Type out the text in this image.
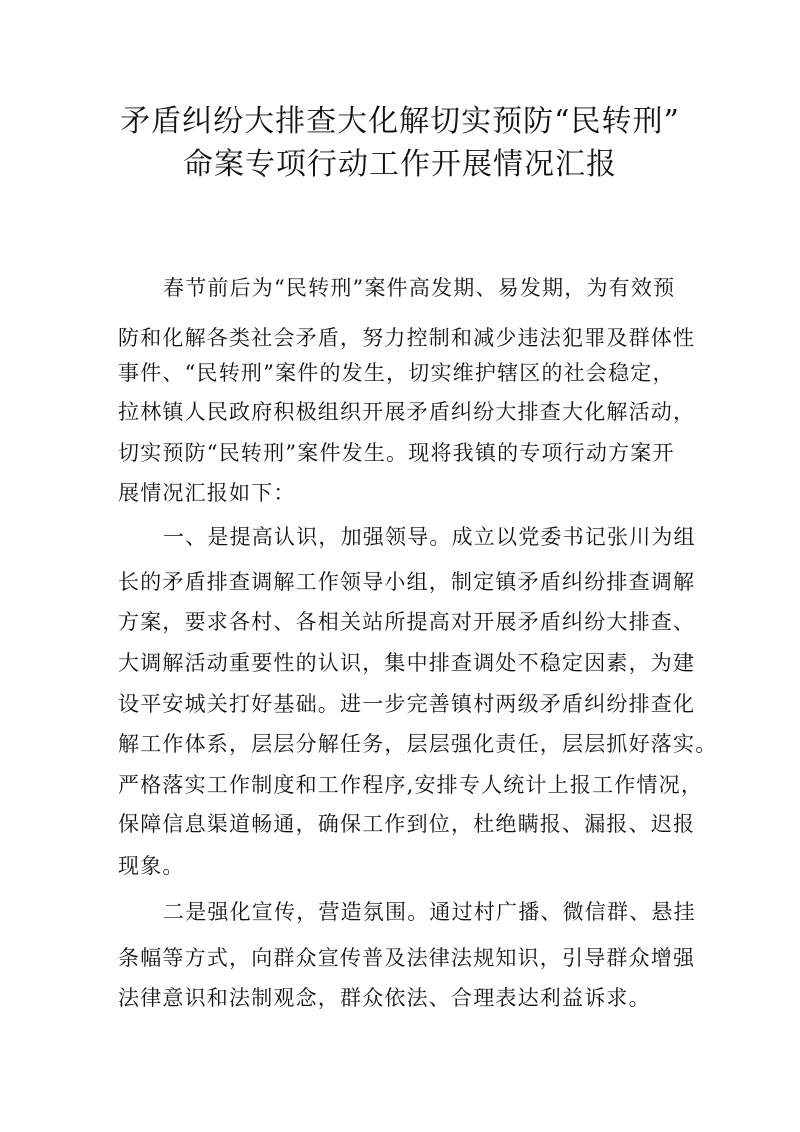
矛盾纠纷大排查大化解切实预防“民转刑”
命案专项行动工作开展情况汇报
春节前后为“民转刑”案件高发期、易发期，为有效预
防和化解各类社会矛盾，努力控制和减少违法犯罪及群体性
事件、“民转刑”案件的发生，切实维护辖区的社会稳定，
拉林镇人民政府积极组织开展矛盾纠纷大排查大化解活动，
切实预防“民转刑”案件发生。现将我镇的专项行动方案开
展情况汇报如下：
一、是提高认识，加强领导。成立以党委书记张川为组
长的矛盾排查调解工作领导小组，制定镇矛盾纠纷排查调解
方案，要求各村、各相关站所提高对开展矛盾纠纷大排查、
大调解活动重要性的认识，集中排查调处不稳定因素，为建
设平安城关打好基础。进一步完善镇村两级矛盾纠纷排查化
解工作体系，层层分解任务，层层强化责任，层层抓好落实。
严格落实工作制度和工作程序,安排专人统计上报工作情况，
保障信息渠道畅通，确保工作到位，杜绝瞒报、漏报、迟报
现象。
二是强化宣传，营造氛围。通过村广播、微信群、悬挂
条幅等方式，向群众宣传普及法律法规知识，引导群众增强
法律意识和法制观念，群众依法、合理表达利益诉求。
